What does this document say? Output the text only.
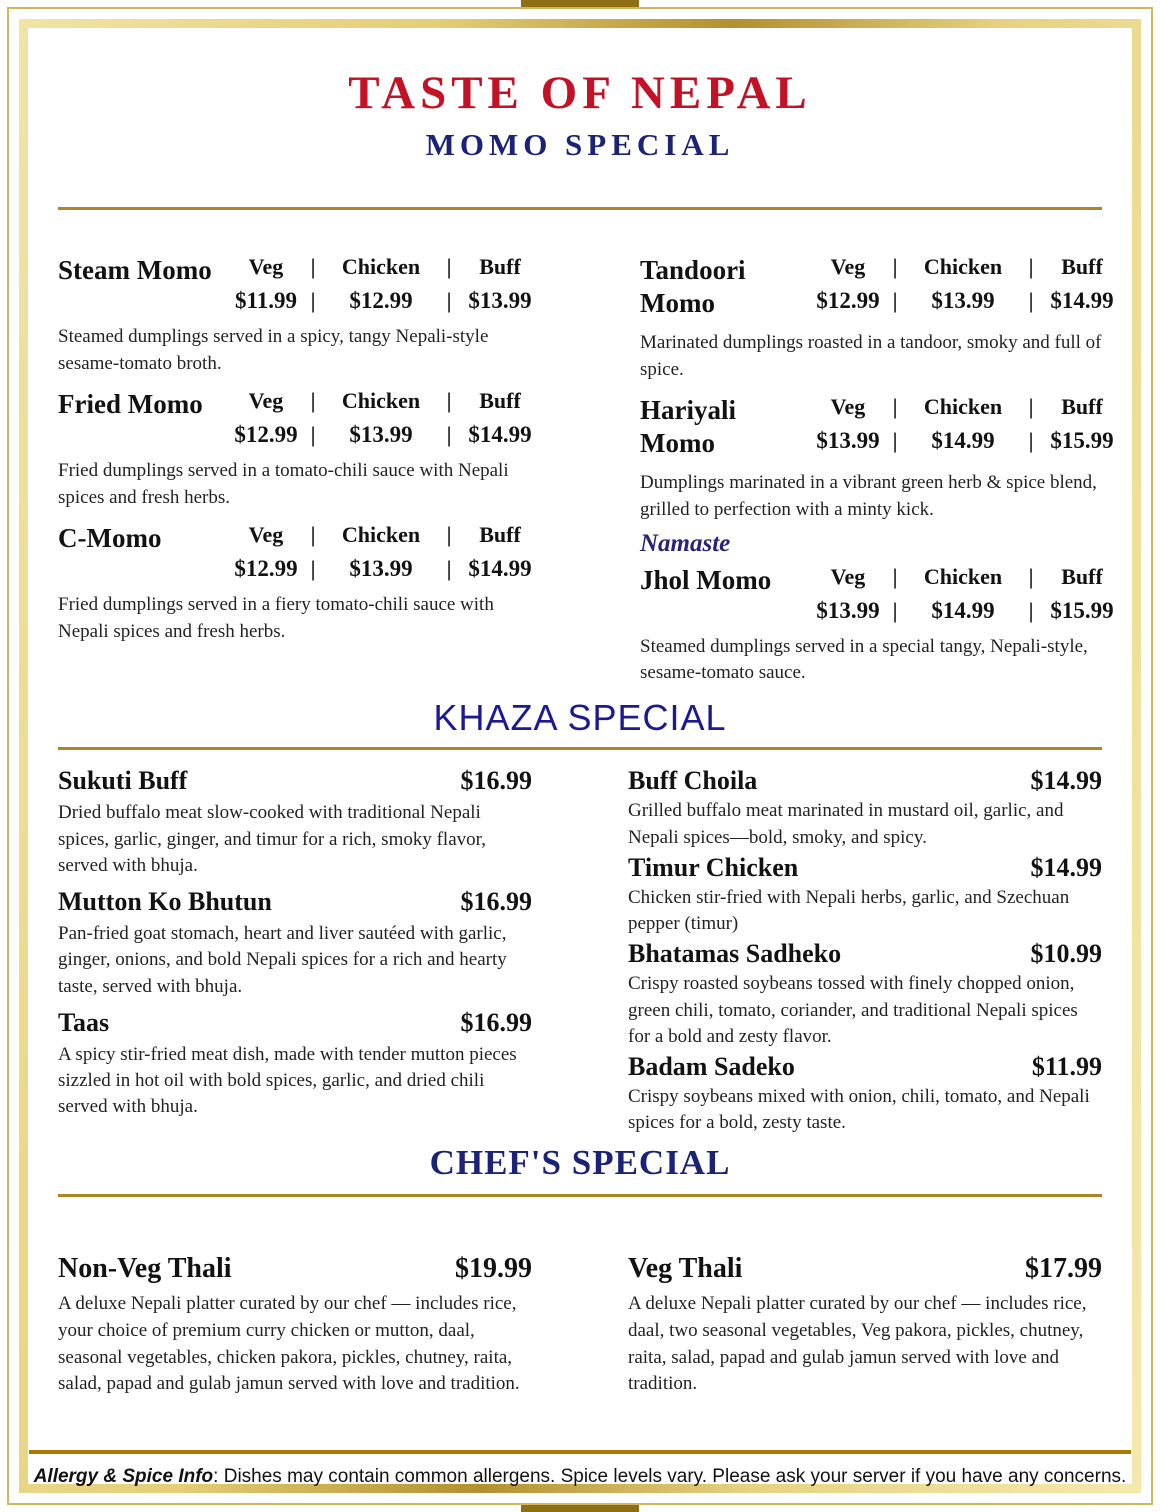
TASTE OF NEPAL
MOMO SPECIAL
Steam Momo	Veg	|	Chicken	|	Buff
$11.99 |	$12.99	| $13.99

Steamed dumplings served in a spicy, tangy Nepali-style sesame-tomato broth.

Fried Momo	Veg	|	Chicken	|	Buff
$12.99 |	$13.99	| $14.99

Fried dumplings served in a tomato-chili sauce with Nepali spices and fresh herbs.

C-Momo	Veg	|	Chicken	|	Buff
$12.99 |	$13.99	| $14.99

Fried dumplings served in a fiery tomato-chili sauce with Nepali spices and fresh herbs.

Tandoori Momo
Veg	|	Chicken	|	Buff
$12.99 |	$13.99	| $14.99

Marinated dumplings roasted in a tandoor, smoky and full of spice.

Hariyali Momo
Veg	|	Chicken	|	Buff
$13.99 |	$14.99	| $15.99

Dumplings marinated in a vibrant green herb & spice blend, grilled to perfection with a minty kick.

Namaste
Jhol Momo	Veg	|	Chicken	|	Buff
$13.99 |	$14.99	| $15.99

Steamed dumplings served in a special tangy, Nepali-style, sesame-tomato sauce.

KHAZA SPECIAL
Sukuti Buff	$16.99

Dried buffalo meat slow-cooked with traditional Nepali spices, garlic, ginger, and timur for a rich, smoky flavor, served with bhuja.

Mutton Ko Bhutun	$16.99

Pan-fried goat stomach, heart and liver sautéed with garlic, ginger, onions, and bold Nepali spices for a rich and hearty taste, served with bhuja.

Taas	$16.99

A spicy stir-fried meat dish, made with tender mutton pieces sizzled in hot oil with bold spices, garlic, and dried chili served with bhuja.

Buff Choila	$14.99

Grilled buffalo meat marinated in mustard oil, garlic, and Nepali spices—bold, smoky, and spicy.

Timur Chicken	$14.99

Chicken stir-fried with Nepali herbs, garlic, and Szechuan pepper (timur)

Bhatamas Sadheko	$10.99

Crispy roasted soybeans tossed with finely chopped onion, green chili, tomato, coriander, and traditional Nepali spices for a bold and zesty flavor.

Badam Sadeko	$11.99

Crispy soybeans mixed with onion, chili, tomato, and Nepali spices for a bold, zesty taste.

CHEF'S SPECIAL
Non-Veg Thali	$19.99

A deluxe Nepali platter curated by our chef — includes rice, your choice of premium curry chicken or mutton, daal, seasonal vegetables, chicken pakora, pickles, chutney, raita, salad, papad and gulab jamun served with love and tradition.

Veg Thali	$17.99

A deluxe Nepali platter curated by our chef — includes rice, daal, two seasonal vegetables, Veg pakora, pickles, chutney, raita, salad, papad and gulab jamun served with love and tradition.

Allergy & Spice Info: Dishes may contain common allergens. Spice levels vary. Please ask your server if you have any concerns.
